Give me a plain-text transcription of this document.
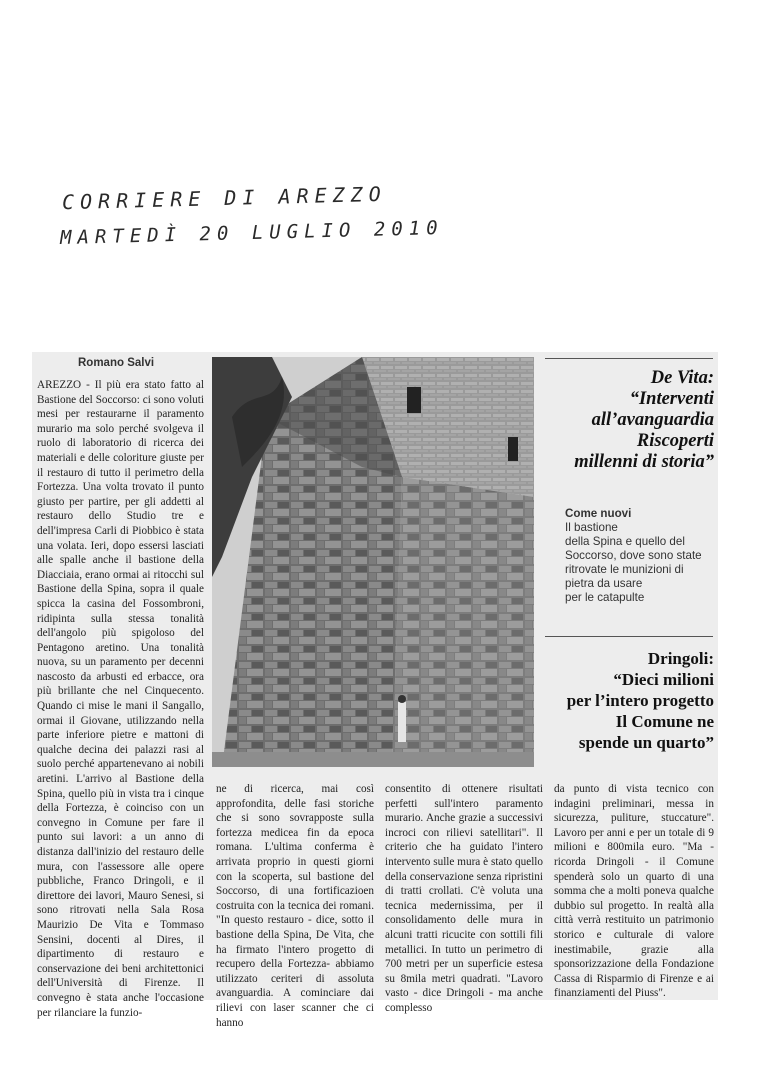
CORRIERE DI AREZZO
MARTEDÌ 20 LUGLIO 2010
Romano Salvi
AREZZO - Il più era stato fatto al Bastione del Soccorso: ci sono voluti mesi per restaurarne il paramento murario ma solo perché svolgeva il ruolo di laboratorio di ricerca dei materiali e delle coloriture giuste per il restauro di tutto il perimetro della Fortezza. Una volta trovato il punto giusto per partire, per gli addetti al restauro dello Studio tre e dell'impresa Carli di Piobbico è stata una volata. Ieri, dopo essersi lasciati alle spalle anche il bastione della Diacciaia, erano ormai ai ritocchi sul Bastione della Spina, sopra il quale spicca la casina del Fossombroni, ridipinta sulla stessa tonalità dell'angolo più spigoloso del Pentagono aretino. Una tonalità nuova, su un paramento per decenni nascosto da arbusti ed erbacce, ora più brillante che nel Cinquecento. Quando ci mise le mani il Sangallo, ormai il Giovane, utilizzando nella parte inferiore pietre e mattoni di qualche decina dei palazzi rasi al suolo perché appartenevano ai nobili aretini. L'arrivo al Bastione della Spina, quello più in vista tra i cinque della Fortezza, è coinciso con un convegno in Comune per fare il punto sui lavori: a un anno di distanza dall'inizio del restauro delle mura, con l'assessore alle opere pubbliche, Franco Dringoli, e il direttore dei lavori, Mauro Senesi, si sono ritrovati nella Sala Rosa Maurizio De Vita e Tommaso Sensini, docenti al Dires, il dipartimento di restauro e conservazione dei beni architettonici dell'Università di Firenze. Il convegno è stata anche l'occasione per rilanciare la funzio-
ne di ricerca, mai così approfondita, delle fasi storiche che si sono sovrapposte sulla fortezza medicea fin da epoca romana. L'ultima conferma è arrivata proprio in questi giorni con la scoperta, sul bastione del Soccorso, di una fortificazioen costruita con la tecnica dei romani. "In questo restauro - dice, sotto il bastione della Spina, De Vita, che ha firmato l'intero progetto di recupero della Fortezza- abbiamo utilizzato ceriteri di assoluta avanguardia. A cominciare dai rilievi con laser scanner che ci hanno
consentito di ottenere risultati perfetti sull'intero paramento murario. Anche grazie a successivi incroci con rilievi satellitari". Il criterio che ha guidato l'intero intervento sulle mura è stato quello della conservazione senza ripristini di tratti crollati. C'è voluta una tecnica medernissima, per il consolidamento delle mura in alcuni tratti ricucite con sottili fili metallici. In tutto un perimetro di 700 metri per un superficie estesa su 8mila metri quadrati. "Lavoro vasto - dice Dringoli - ma anche complesso
da punto di vista tecnico con indagini preliminari, messa in sicurezza, puliture, stuccature". Lavoro per anni e per un totale di 9 milioni e 800mila euro. "Ma - ricorda Dringoli - il Comune spenderà solo un quarto di una somma che a molti poneva qualche dubbio sul progetto. In realtà alla città verrà restituito un patrimonio storico e culturale di valore inestimabile, grazie alla sponsorizzazione della Fondazione Cassa di Risparmio di Firenze e ai finanziamenti del Piuss".
De Vita:
“Interventi
all’avanguardia
Riscoperti
millenni di storia”
Come nuovi
Il bastione
della Spina e quello del
Soccorso, dove sono state
ritrovate le munizioni di
pietra da usare
per le catapulte
Dringoli:
“Dieci milioni
per l’intero progetto
Il Comune ne
spende un quarto”
